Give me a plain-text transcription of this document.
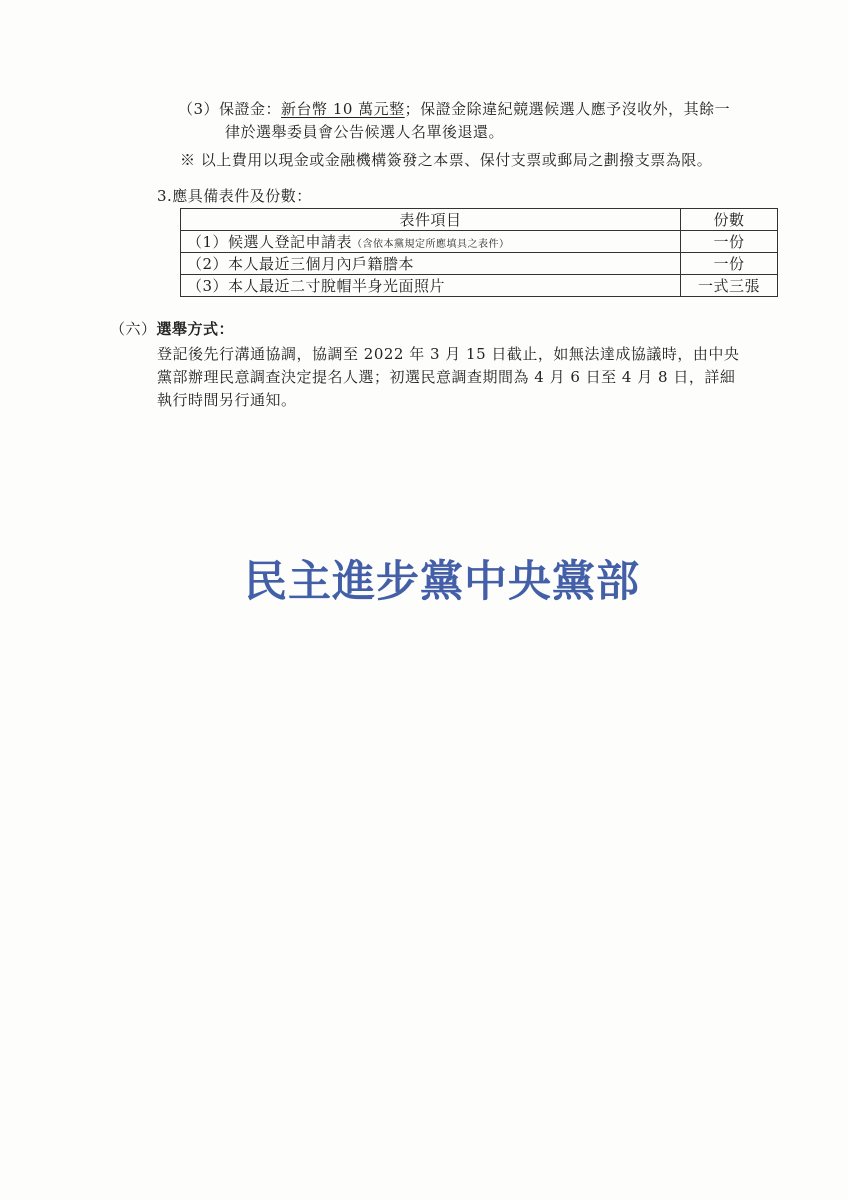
（3）保證金：新台幣 10 萬元整；保證金除違紀競選候選人應予沒收外，其餘一
律於選舉委員會公告候選人名單後退還。
※ 以上費用以現金或金融機構簽發之本票、保付支票或郵局之劃撥支票為限。
3.應具備表件及份數：
表件項目	份數
（1）候選人登記申請表（含依本黨規定所應填具之表件）	一份
（2）本人最近三個月內戶籍謄本	一份
（3）本人最近二寸脫帽半身光面照片	一式三張
（六）選舉方式：
登記後先行溝通協調，協調至 2022 年 3 月 15 日截止，如無法達成協議時，由中央
黨部辦理民意調查決定提名人選；初選民意調查期間為 4 月 6 日至 4 月 8 日，詳細
執行時間另行通知。
民主進步黨中央黨部
